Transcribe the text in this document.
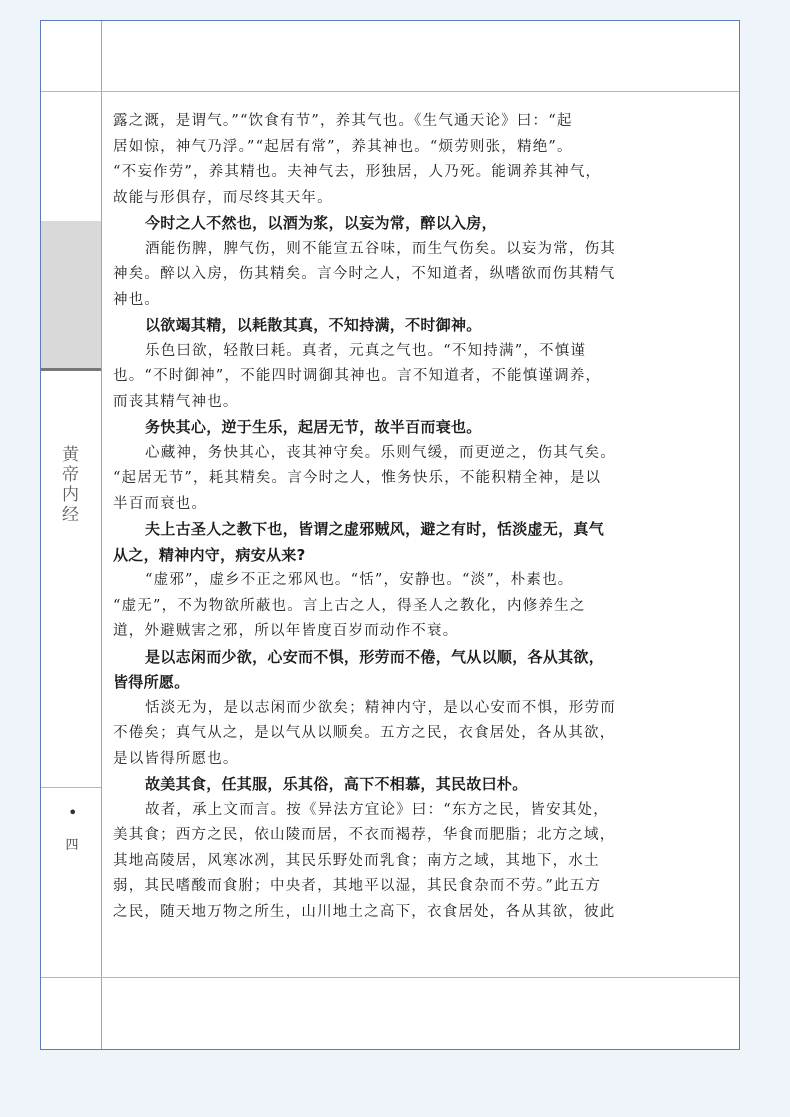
黄帝内经
•
四
露之溉，是谓气。”“饮食有节”，养其气也。《生气通天论》曰：“起
居如惊，神气乃浮。”“起居有常”，养其神也。“烦劳则张，精绝”。
“不妄作劳”，养其精也。夫神气去，形独居，人乃死。能调养其神气，
故能与形俱存，而尽终其天年。
今时之人不然也，以酒为浆，以妄为常，醉以入房，
酒能伤脾，脾气伤，则不能宣五谷味，而生气伤矣。以妄为常，伤其
神矣。醉以入房，伤其精矣。言今时之人，不知道者，纵嗜欲而伤其精气
神也。
以欲竭其精，以耗散其真，不知持满，不时御神。
乐色曰欲，轻散曰耗。真者，元真之气也。“不知持满”，不慎谨
也。“不时御神”，不能四时调御其神也。言不知道者，不能慎谨调养，
而丧其精气神也。
务快其心，逆于生乐，起居无节，故半百而衰也。
心藏神，务快其心，丧其神守矣。乐则气缓，而更逆之，伤其气矣。
“起居无节”，耗其精矣。言今时之人，惟务快乐，不能积精全神，是以
半百而衰也。
夫上古圣人之教下也，皆谓之虚邪贼风，避之有时，恬淡虚无，真气
从之，精神内守，病安从来?
“虚邪”，虚乡不正之邪风也。“恬”，安静也。“淡”，朴素也。
“虚无”，不为物欲所蔽也。言上古之人，得圣人之教化，内修养生之
道，外避贼害之邪，所以年皆度百岁而动作不衰。
是以志闲而少欲，心安而不惧，形劳而不倦，气从以顺，各从其欲，
皆得所愿。
恬淡无为，是以志闲而少欲矣；精神内守，是以心安而不惧，形劳而
不倦矣；真气从之，是以气从以顺矣。五方之民，衣食居处，各从其欲，
是以皆得所愿也。
故美其食，任其服，乐其俗，高下不相慕，其民故曰朴。
故者，承上文而言。按《异法方宜论》曰：“东方之民，皆安其处，
美其食；西方之民，依山陵而居，不衣而褐荐，华食而肥脂；北方之域，
其地高陵居，风寒冰冽，其民乐野处而乳食；南方之域，其地下，水土
弱，其民嗜酸而食胕；中央者，其地平以湿，其民食杂而不劳。”此五方
之民，随天地万物之所生，山川地土之高下，衣食居处，各从其欲，彼此
